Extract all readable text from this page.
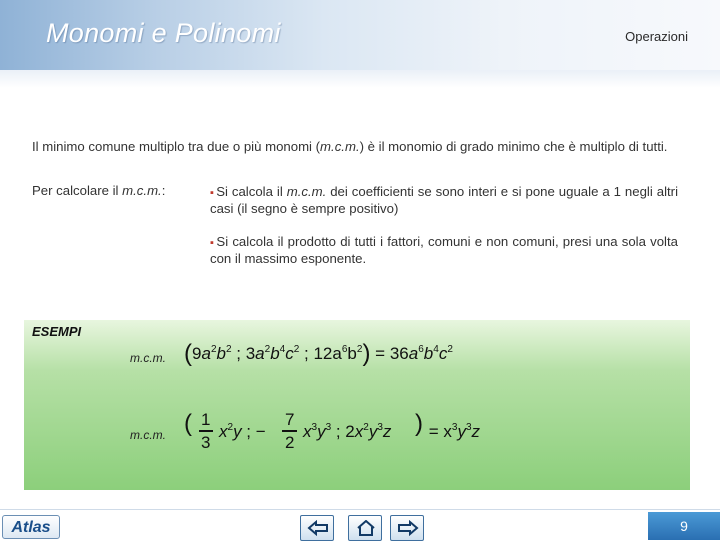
Monomi e Polinomi	Operazioni
Il minimo comune multiplo tra due o più monomi (m.c.m.) è il monomio di grado minimo che è multiplo di tutti.
Per calcolare il m.c.m.:	▪ Si calcola il m.c.m. dei coefficienti se sono interi e si pone uguale a 1 negli altri casi (il segno è sempre positivo)
▪ Si calcola il prodotto di tutti i fattori, comuni e non comuni, presi una sola volta con il massimo esponente.
ESEMPI
m.c.m. ($9a^2b^2$ ; $3a^2b^4c^2$ ; $12a^6b^2) = 36a^6b^4c^2$
m.c.m. ( 1
3
$x^2y$ ; −
7
2
$x^3y^3$ ; $2x^2y^3z$ ) = $x^3y^3z$
Atlas	9
